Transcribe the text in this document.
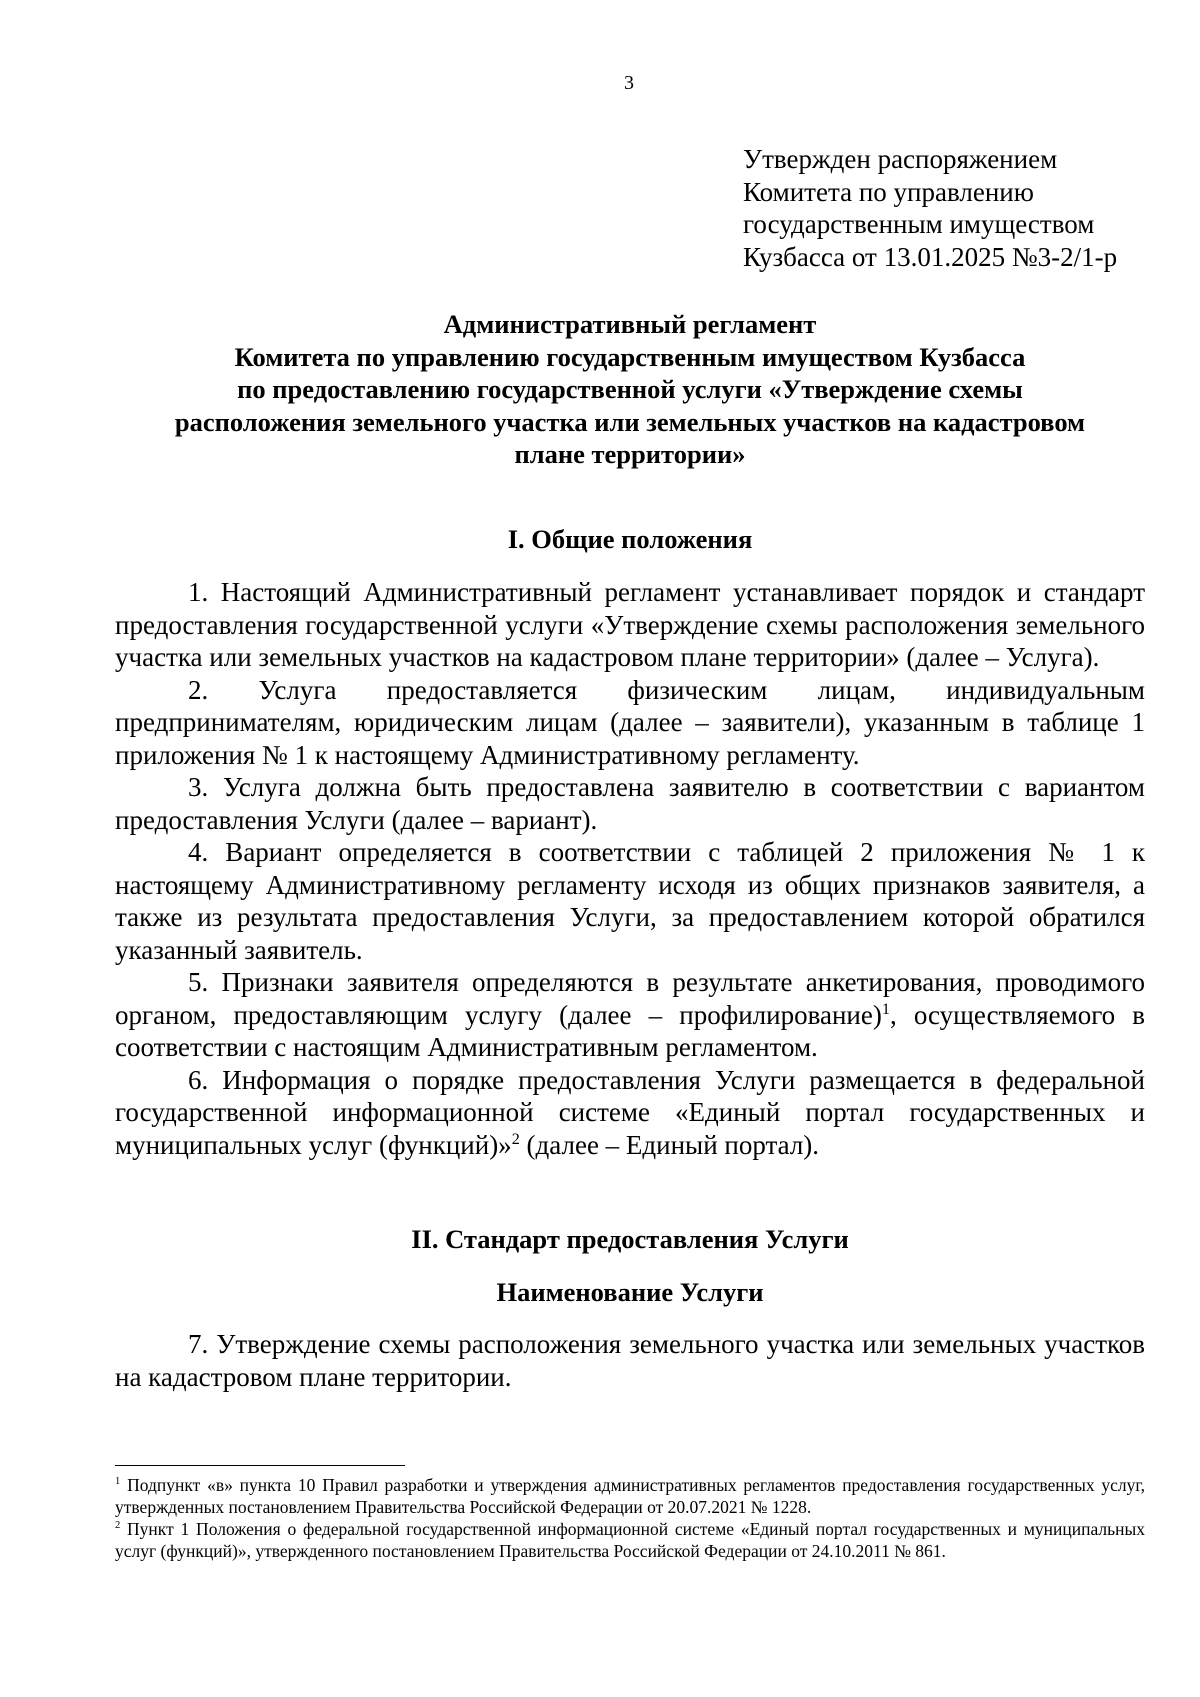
3
Утвержден распоряжением
Комитета по управлению
государственным имуществом
Кузбасса от 13.01.2025 №3-2/1-р
Административный регламент
Комитета по управлению государственным имуществом Кузбасса
по предоставлению государственной услуги «Утверждение схемы
расположения земельного участка или земельных участков на кадастровом
плане территории»
I. Общие положения

1. Настоящий Административный регламент устанавливает порядок и стандарт предоставления государственной услуги «Утверждение схемы расположения земельного участка или земельных участков на кадастровом плане территории» (далее – Услуга).

2. Услуга предоставляется физическим лицам, индивидуальным предпринимателям, юридическим лицам (далее – заявители), указанным в таблице 1 приложения № 1 к настоящему Административному регламенту.

3. Услуга должна быть предоставлена заявителю в соответствии с вариантом предоставления Услуги (далее – вариант).

4. Вариант определяется в соответствии с таблицей 2 приложения № 1 к настоящему Административному регламенту исходя из общих признаков заявителя, а также из результата предоставления Услуги, за предоставлением которой обратился указанный заявитель.

5. Признаки заявителя определяются в результате анкетирования, проводимого органом, предоставляющим услугу (далее – профилирование)$^1$, осуществляемого в соответствии с настоящим Административным регламентом.

6. Информация о порядке предоставления Услуги размещается в федеральной государственной информационной системе «Единый портал государственных и муниципальных услуг (функций)»$^2$ (далее – Единый портал).

II. Стандарт предоставления Услуги
Наименование Услуги

7. Утверждение схемы расположения земельного участка или земельных участков на кадастровом плане территории.

$^1$ Подпункт «в» пункта 10 Правил разработки и утверждения административных регламентов предоставления государственных услуг, утвержденных постановлением Правительства Российской Федерации от 20.07.2021 № 1228.

$^2$ Пункт 1 Положения о федеральной государственной информационной системе «Единый портал государственных и муниципальных услуг (функций)», утвержденного постановлением Правительства Российской Федерации от 24.10.2011 № 861.
